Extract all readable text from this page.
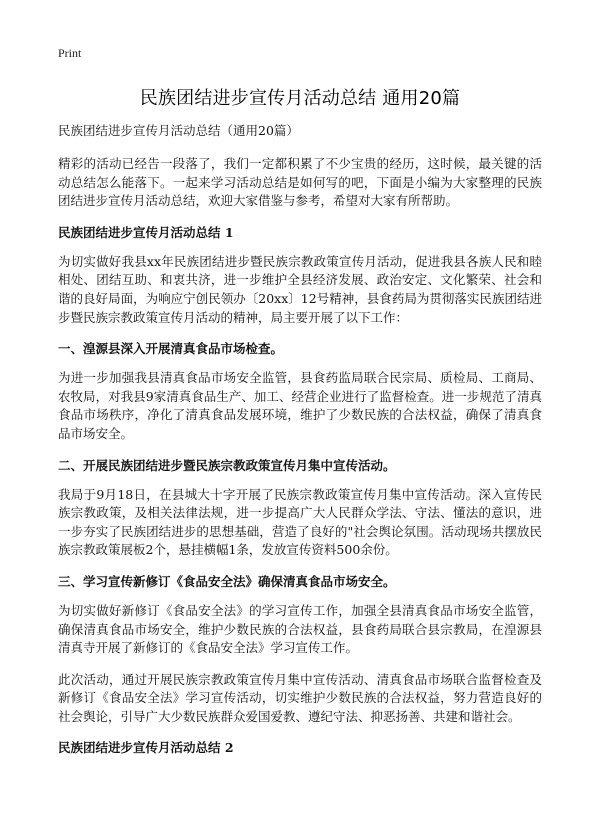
Print
民族团结进步宣传月活动总结 通用20篇

民族团结进步宣传月活动总结（通用20篇）

精彩的活动已经告一段落了，我们一定都积累了不少宝贵的经历，这时候，最关键的活动总结怎么能落下。一起来学习活动总结是如何写的吧，下面是小编为大家整理的民族团结进步宣传月活动总结，欢迎大家借鉴与参考，希望对大家有所帮助。

民族团结进步宣传月活动总结 1

为切实做好我县xx年民族团结进步暨民族宗教政策宣传月活动，促进我县各族人民和睦相处、团结互助、和衷共济，进一步维护全县经济发展、政治安定、文化繁荣、社会和谐的良好局面，为响应宁创民领办〔20xx〕12号精神，县食药局为贯彻落实民族团结进步暨民族宗教政策宣传月活动的精神，局主要开展了以下工作：

一、湟源县深入开展清真食品市场检查。

为进一步加强我县清真食品市场安全监管，县食药监局联合民宗局、质检局、工商局、农牧局，对我县9家清真食品生产、加工、经营企业进行了监督检查。进一步规范了清真食品市场秩序，净化了清真食品发展环境，维护了少数民族的合法权益，确保了清真食品市场安全。

二、开展民族团结进步暨民族宗教政策宣传月集中宣传活动。

我局于9月18日，在县城大十字开展了民族宗教政策宣传月集中宣传活动。深入宣传民族宗教政策，及相关法律法规，进一步提高广大人民群众学法、守法、懂法的意识，进一步夯实了民族团结进步的思想基础，营造了良好的"社会舆论氛围。活动现场共摆放民族宗教政策展板2个，悬挂横幅1条，发放宣传资料500余份。

三、学习宣传新修订《食品安全法》确保清真食品市场安全。

为切实做好新修订《食品安全法》的学习宣传工作，加强全县清真食品市场安全监管，确保清真食品市场安全，维护少数民族的合法权益，县食药局联合县宗教局，在湟源县清真寺开展了新修订的《食品安全法》学习宣传工作。

此次活动，通过开展民族宗教政策宣传月集中宣传活动、清真食品市场联合监督检查及新修订《食品安全法》学习宣传活动，切实维护少数民族的合法权益，努力营造良好的社会舆论，引导广大少数民族群众爱国爱教、遵纪守法、抑恶扬善、共建和谐社会。

民族团结进步宣传月活动总结 2
